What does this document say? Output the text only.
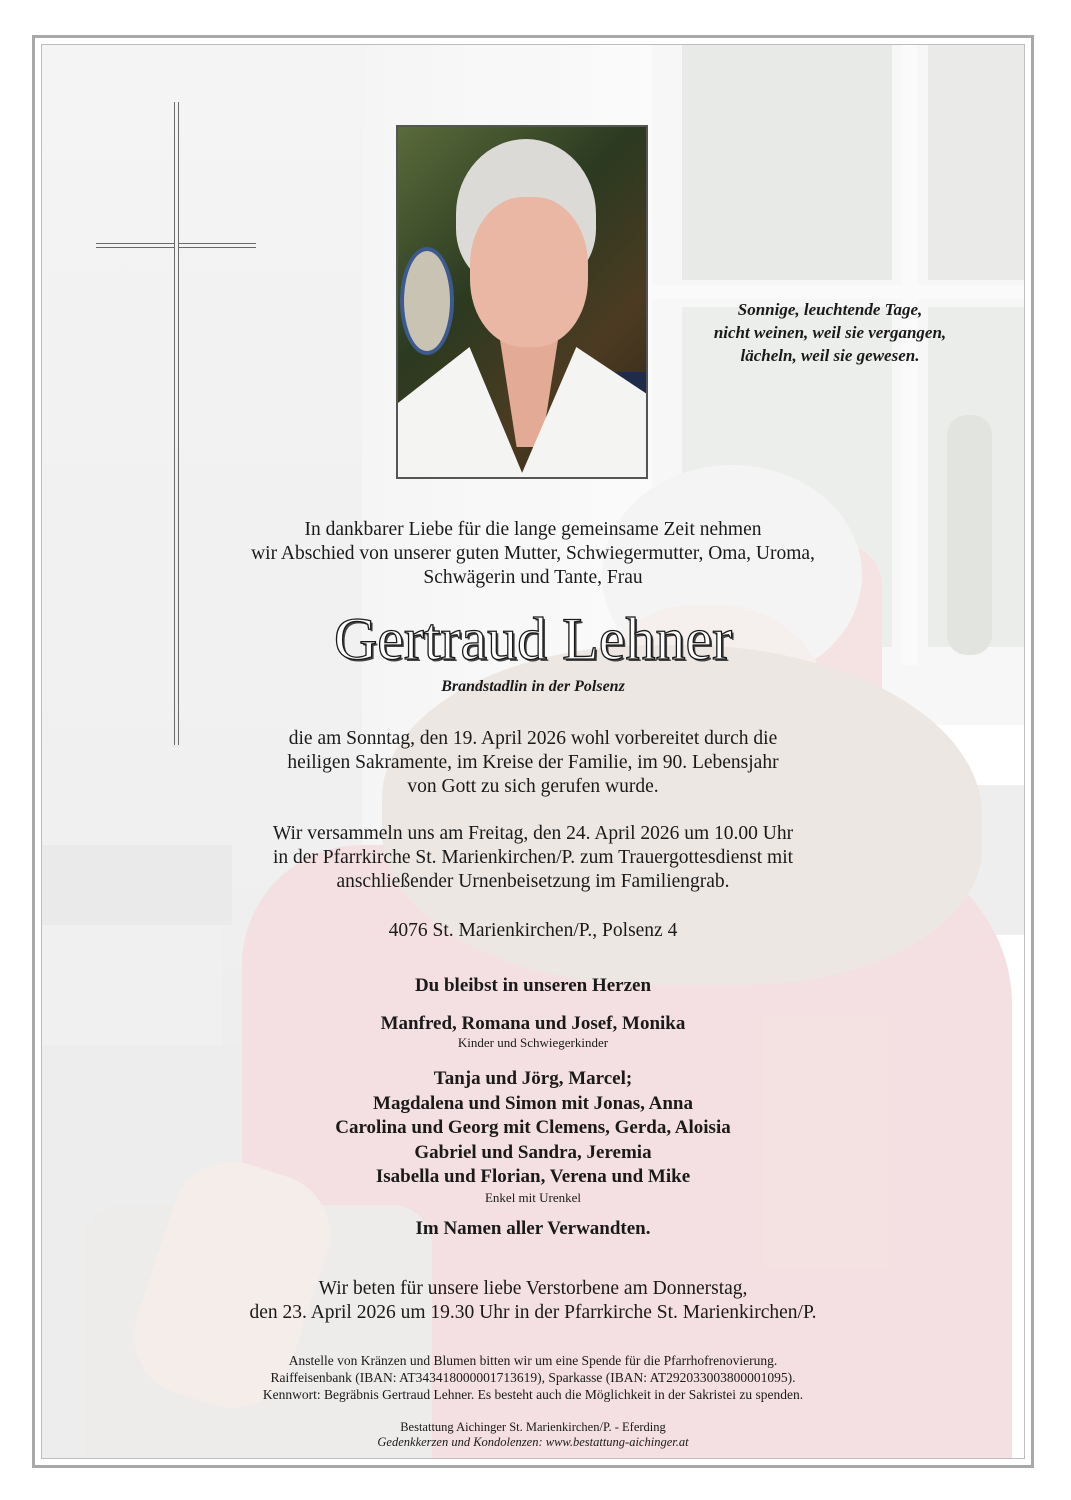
Sonnige, leuchtende Tage,
nicht weinen, weil sie vergangen,
lächeln, weil sie gewesen.
In dankbarer Liebe für die lange gemeinsame Zeit nehmen
wir Abschied von unserer guten Mutter, Schwiegermutter, Oma, Uroma,
Schwägerin und Tante, Frau
Gertraud Lehner
Brandstadlin in der Polsenz
die am Sonntag, den 19. April 2026 wohl vorbereitet durch die
heiligen Sakramente, im Kreise der Familie, im 90. Lebensjahr
von Gott zu sich gerufen wurde.
Wir versammeln uns am Freitag, den 24. April 2026 um 10.00 Uhr
in der Pfarrkirche St. Marienkirchen/P. zum Trauergottesdienst mit
anschließender Urnenbeisetzung im Familiengrab.
4076 St. Marienkirchen/P., Polsenz 4
Du bleibst in unseren Herzen
Manfred, Romana und Josef, Monika
Kinder und Schwiegerkinder
Tanja und Jörg, Marcel;
Magdalena und Simon mit Jonas, Anna
Carolina und Georg mit Clemens, Gerda, Aloisia
Gabriel und Sandra, Jeremia
Isabella und Florian, Verena und Mike
Enkel mit Urenkel
Im Namen aller Verwandten.
Wir beten für unsere liebe Verstorbene am Donnerstag,
den 23. April 2026 um 19.30 Uhr in der Pfarrkirche St. Marienkirchen/P.
Anstelle von Kränzen und Blumen bitten wir um eine Spende für die Pfarrhofrenovierung.
Raiffeisenbank (IBAN: AT343418000001713619), Sparkasse (IBAN: AT292033003800001095).
Kennwort: Begräbnis Gertraud Lehner. Es besteht auch die Möglichkeit in der Sakristei zu spenden.
Bestattung Aichinger St. Marienkirchen/P. - Eferding
Gedenkkerzen und Kondolenzen: www.bestattung-aichinger.at
